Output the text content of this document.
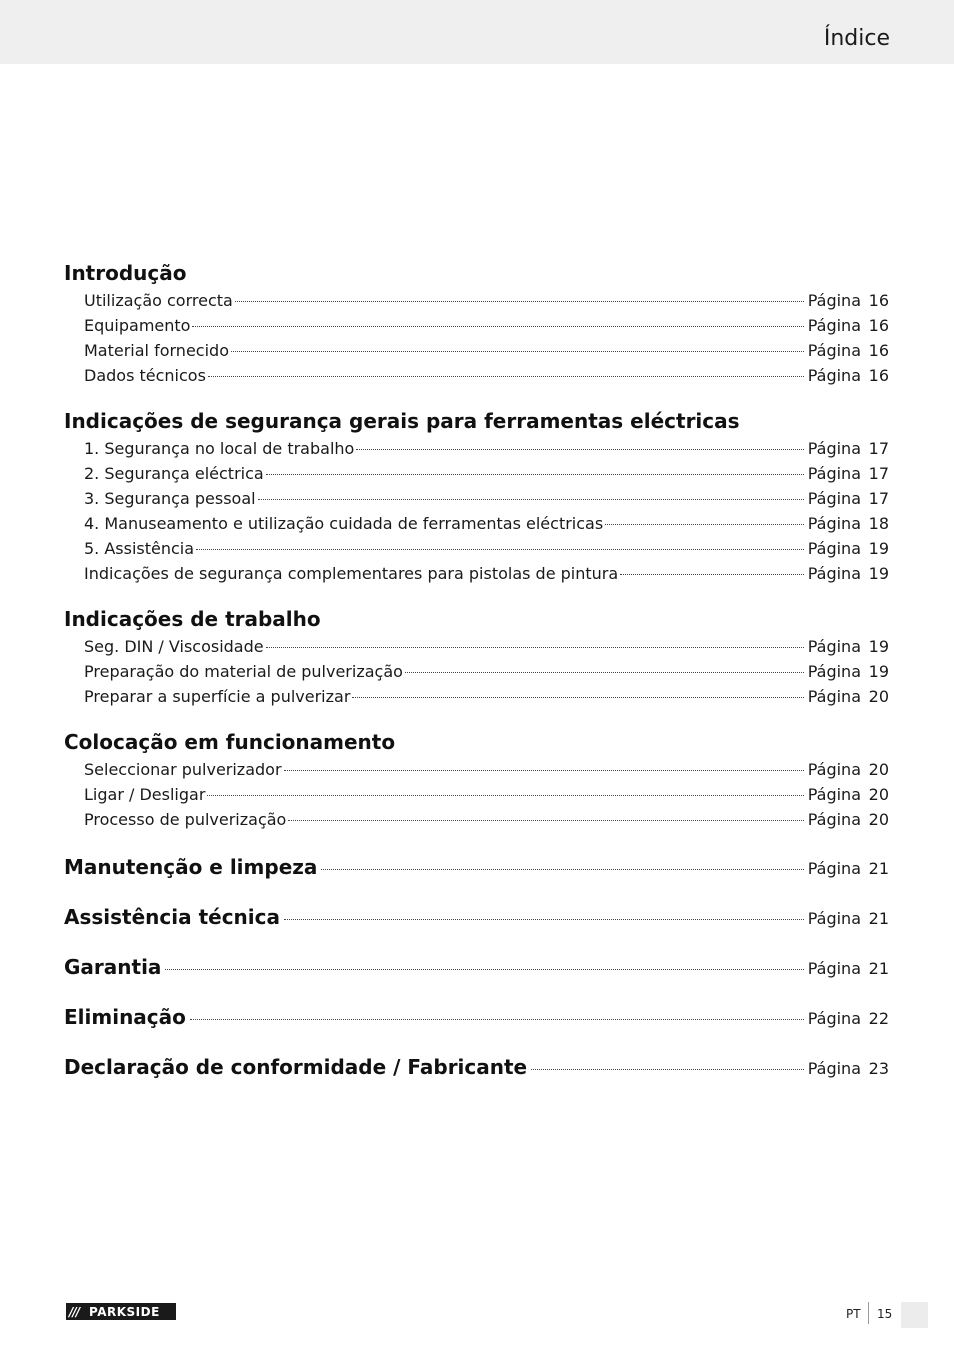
Índice
Introdução
Utilização correcta	Página 16
Equipamento	Página 16
Material fornecido	Página 16
Dados técnicos	Página 16
Indicações de segurança gerais para ferramentas eléctricas
1. Segurança no local de trabalho	Página 17
2. Segurança eléctrica	Página 17
3. Segurança pessoal	Página 17
4. Manuseamento e utilização cuidada de ferramentas eléctricas	Página 18
5. Assistência	Página 19
Indicações de segurança complementares para pistolas de pintura	Página 19
Indicações de trabalho
Seg. DIN / Viscosidade	Página 19
Preparação do material de pulverização	Página 19
Preparar a superfície a pulverizar	Página 20
Colocação em funcionamento
Seleccionar pulverizador	Página 20
Ligar / Desligar	Página 20
Processo de pulverização	Página 20
Manutenção e limpeza	Página 21
Assistência técnica	Página 21
Garantia	Página 21
Eliminação	Página 22
Declaração de conformidade / Fabricante	Página 23
/// PARKSIDE	PT 15
